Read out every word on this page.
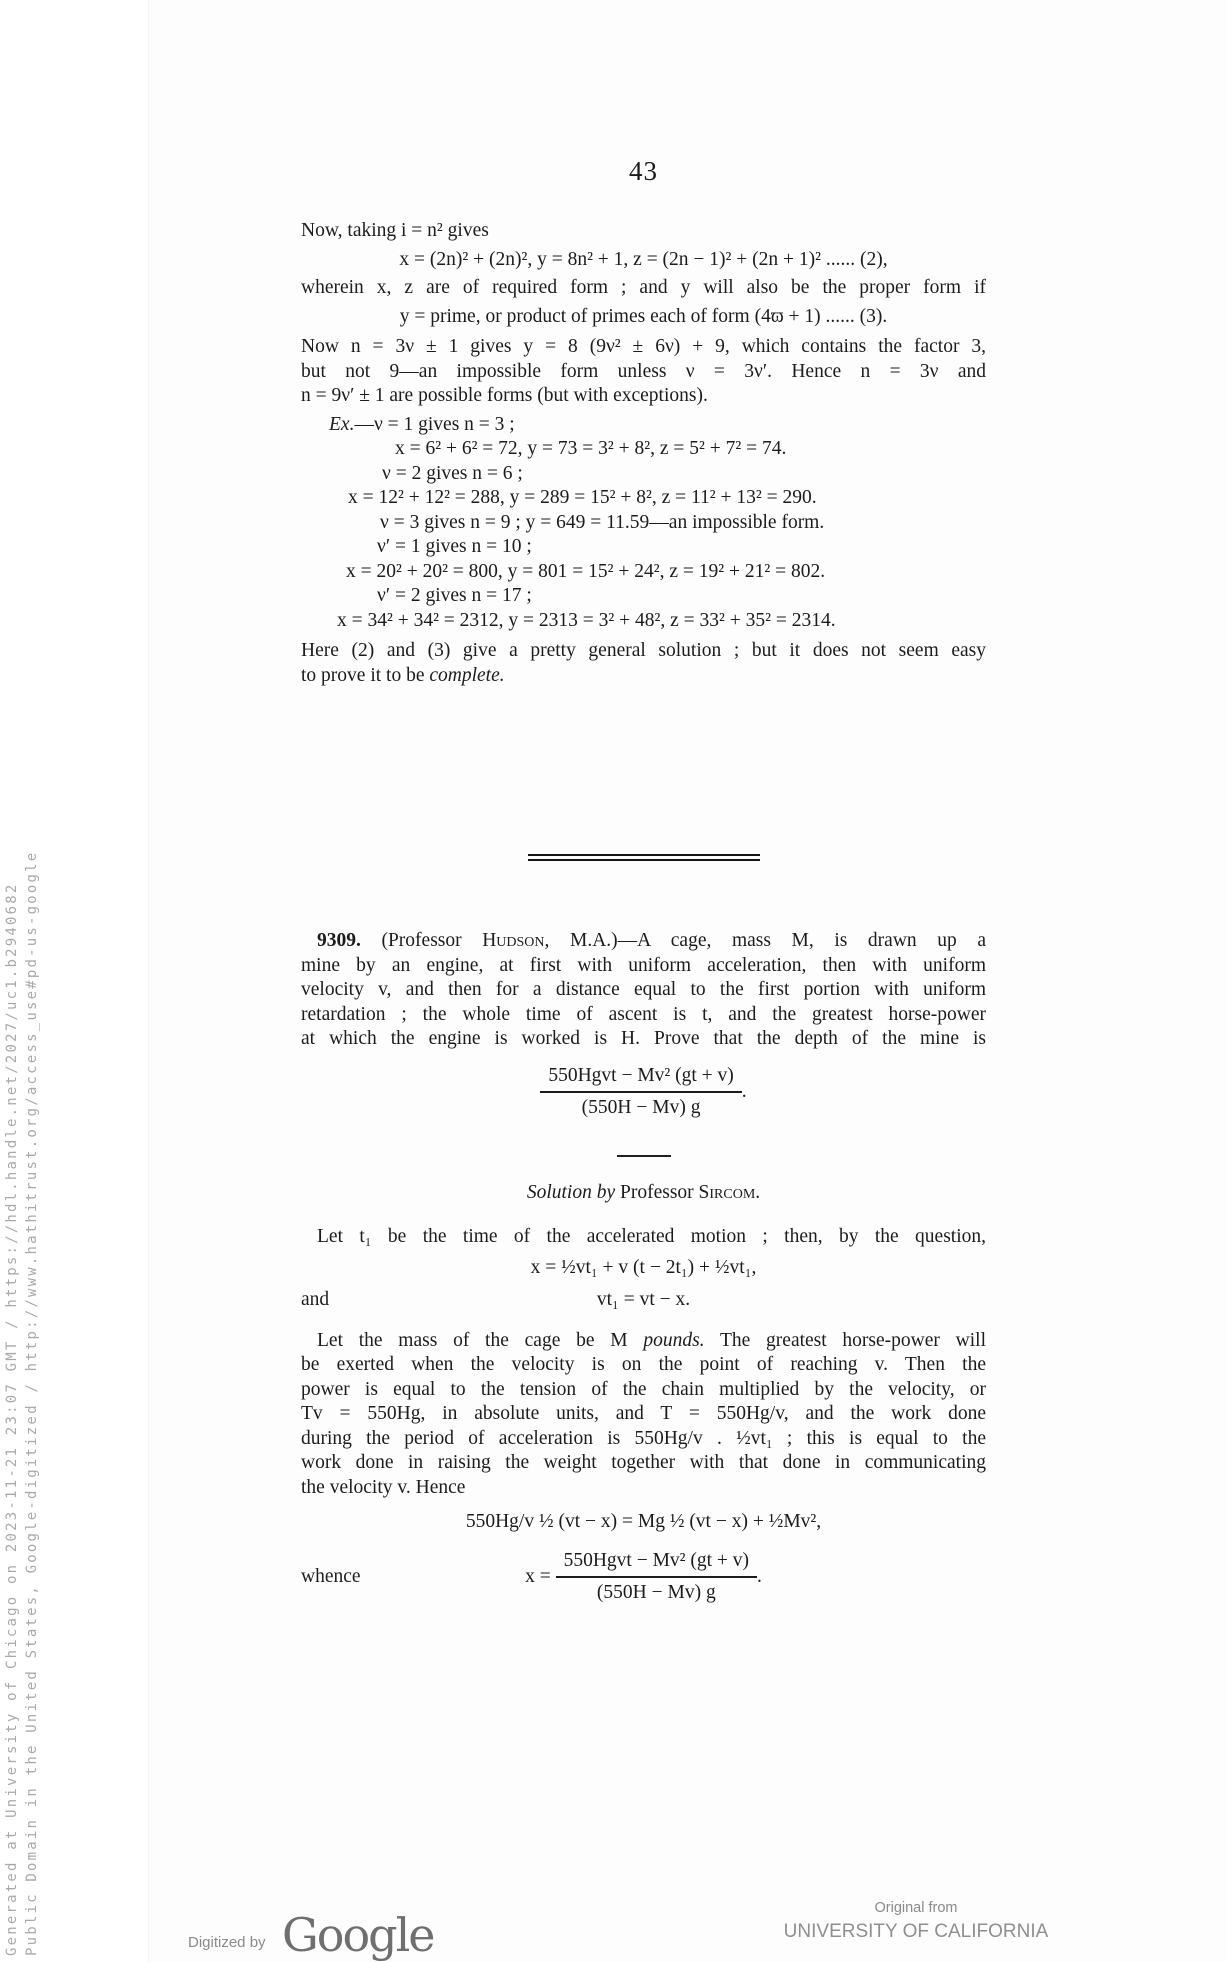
Generated at University of Chicago on 2023-11-21 23:07 GMT / https://hdl.handle.net/2027/uc1.b2940682 Public Domain in the United States, Google-digitized / http://www.hathitrust.org/access_use#pd-us-google
43
Now, taking i = n² gives
x = (2n)² + (2n)², y = 8n² + 1, z = (2n − 1)² + (2n + 1)² ...... (2),
wherein x, z are of required form ; and y will also be the proper form if
y = prime, or product of primes each of form (4ϖ + 1) ...... (3).
Now n = 3ν ± 1 gives y = 8 (9ν² ± 6ν) + 9, which contains the factor 3,
but not 9—an impossible form unless ν = 3ν′. Hence n = 3ν and
n = 9ν′ ± 1 are possible forms (but with exceptions).
Ex.—ν = 1 gives n = 3 ;
x = 6² + 6² = 72, y = 73 = 3² + 8², z = 5² + 7² = 74.
ν = 2 gives n = 6 ;
x = 12² + 12² = 288, y = 289 = 15² + 8², z = 11² + 13² = 290.
ν = 3 gives n = 9 ; y = 649 = 11.59—an impossible form.
ν′ = 1 gives n = 10 ;
x = 20² + 20² = 800, y = 801 = 15² + 24², z = 19² + 21² = 802.
ν′ = 2 gives n = 17 ;
x = 34² + 34² = 2312, y = 2313 = 3² + 48², z = 33² + 35² = 2314.
Here (2) and (3) give a pretty general solution ; but it does not seem easy
to prove it to be complete.
9309. (Professor Hudson, M.A.)—A cage, mass M, is drawn up a
mine by an engine, at first with uniform acceleration, then with uniform
velocity v, and then for a distance equal to the first portion with uniform
retardation ; the whole time of ascent is t, and the greatest horse-power
at which the engine is worked is H. Prove that the depth of the mine is
$\frac{\text{550Hgvt − Mv² (gt + v)}}{(550H - Mv) g}$ .
Solution by Professor Sircom.
Let t₁ be the time of the accelerated motion ; then, by the question,
x = ½vt₁ + v (t − 2t₁) + ½vt₁,
and	vt₁ = vt − x.
Let the mass of the cage be M pounds. The greatest horse-power will
be exerted when the velocity is on the point of reaching v. Then the
power is equal to the tension of the chain multiplied by the velocity, or
Tv = 550Hg, in absolute units, and T = 550Hg/v, and the work done
during the period of acceleration is 550Hg/v . ½vt₁ ; this is equal to the
work done in raising the weight together with that done in communicating
the velocity v. Hence
550Hg/v ½ (vt − x) = Mg ½ (vt − x) + ½Mv²,
whence	$x = \frac{\text{550Hgvt − Mv² (gt + v)}}{(550H - Mv) g}$ .
Digitized by Google	Original from
UNIVERSITY OF CALIFORNIA
